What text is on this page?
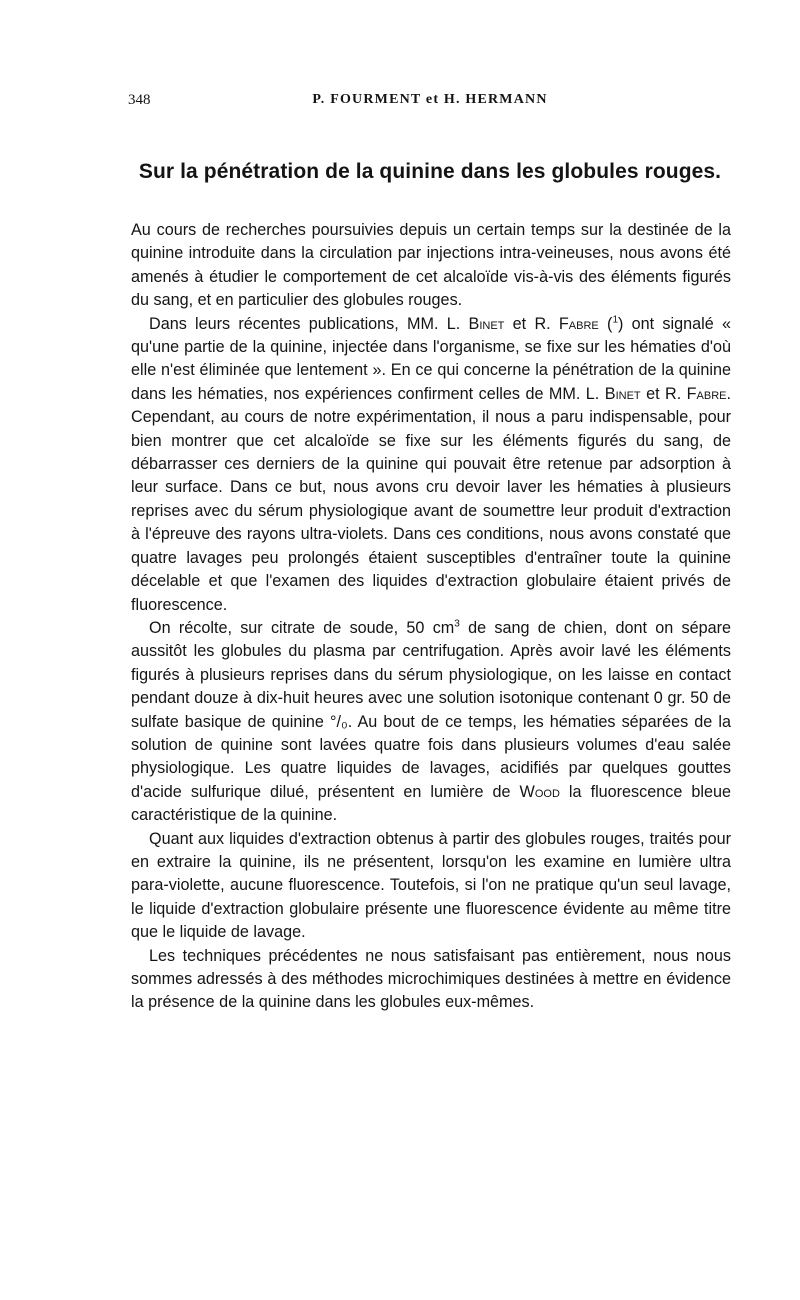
348	P. FOURMENT et H. HERMANN
Sur la pénétration de la quinine dans les globules rouges.

Au cours de recherches poursuivies depuis un certain temps sur la destinée de la quinine introduite dans la circulation par injections intra-veineuses, nous avons été amenés à étudier le comportement de cet alcaloïde vis-à-vis des éléments figurés du sang, et en particulier des globules rouges.

Dans leurs récentes publications, MM. L. Binet et R. Fabre ($^1$) ont signalé « qu'une partie de la quinine, injectée dans l'organisme, se fixe sur les hématies d'où elle n'est éliminée que lentement ». En ce qui concerne la pénétration de la quinine dans les hématies, nos expériences confirment celles de MM. L. Binet et R. Fabre. Cependant, au cours de notre expérimentation, il nous a paru indispensable, pour bien montrer que cet alcaloïde se fixe sur les éléments figurés du sang, de débarrasser ces derniers de la quinine qui pouvait être retenue par adsorption à leur surface. Dans ce but, nous avons cru devoir laver les hématies à plusieurs reprises avec du sérum physiologique avant de soumettre leur produit d'extraction à l'épreuve des rayons ultra-violets. Dans ces conditions, nous avons constaté que quatre lavages peu prolongés étaient susceptibles d'entraîner toute la quinine décelable et que l'examen des liquides d'extraction globulaire étaient privés de fluorescence.

On récolte, sur citrate de soude, 50 $cm^3$ de sang de chien, dont on sépare aussitôt les globules du plasma par centrifugation. Après avoir lavé les éléments figurés à plusieurs reprises dans du sérum physiologique, on les laisse en contact pendant douze à dix-huit heures avec une solution isotonique contenant 0 gr. 50 de sulfate basique de quinine °/₀. Au bout de ce temps, les hématies séparées de la solution de quinine sont lavées quatre fois dans plusieurs volumes d'eau salée physiologique. Les quatre liquides de lavages, acidifiés par quelques gouttes d'acide sulfurique dilué, présentent en lumière de Wood la fluorescence bleue caractéristique de la quinine.

Quant aux liquides d'extraction obtenus à partir des globules rouges, traités pour en extraire la quinine, ils ne présentent, lorsqu'on les examine en lumière ultra para-violette, aucune fluorescence. Toutefois, si l'on ne pratique qu'un seul lavage, le liquide d'extraction globulaire présente une fluorescence évidente au même titre que le liquide de lavage.

Les techniques précédentes ne nous satisfaisant pas entièrement, nous nous sommes adressés à des méthodes microchimiques destinées à mettre en évidence la présence de la quinine dans les globules eux-mêmes.
